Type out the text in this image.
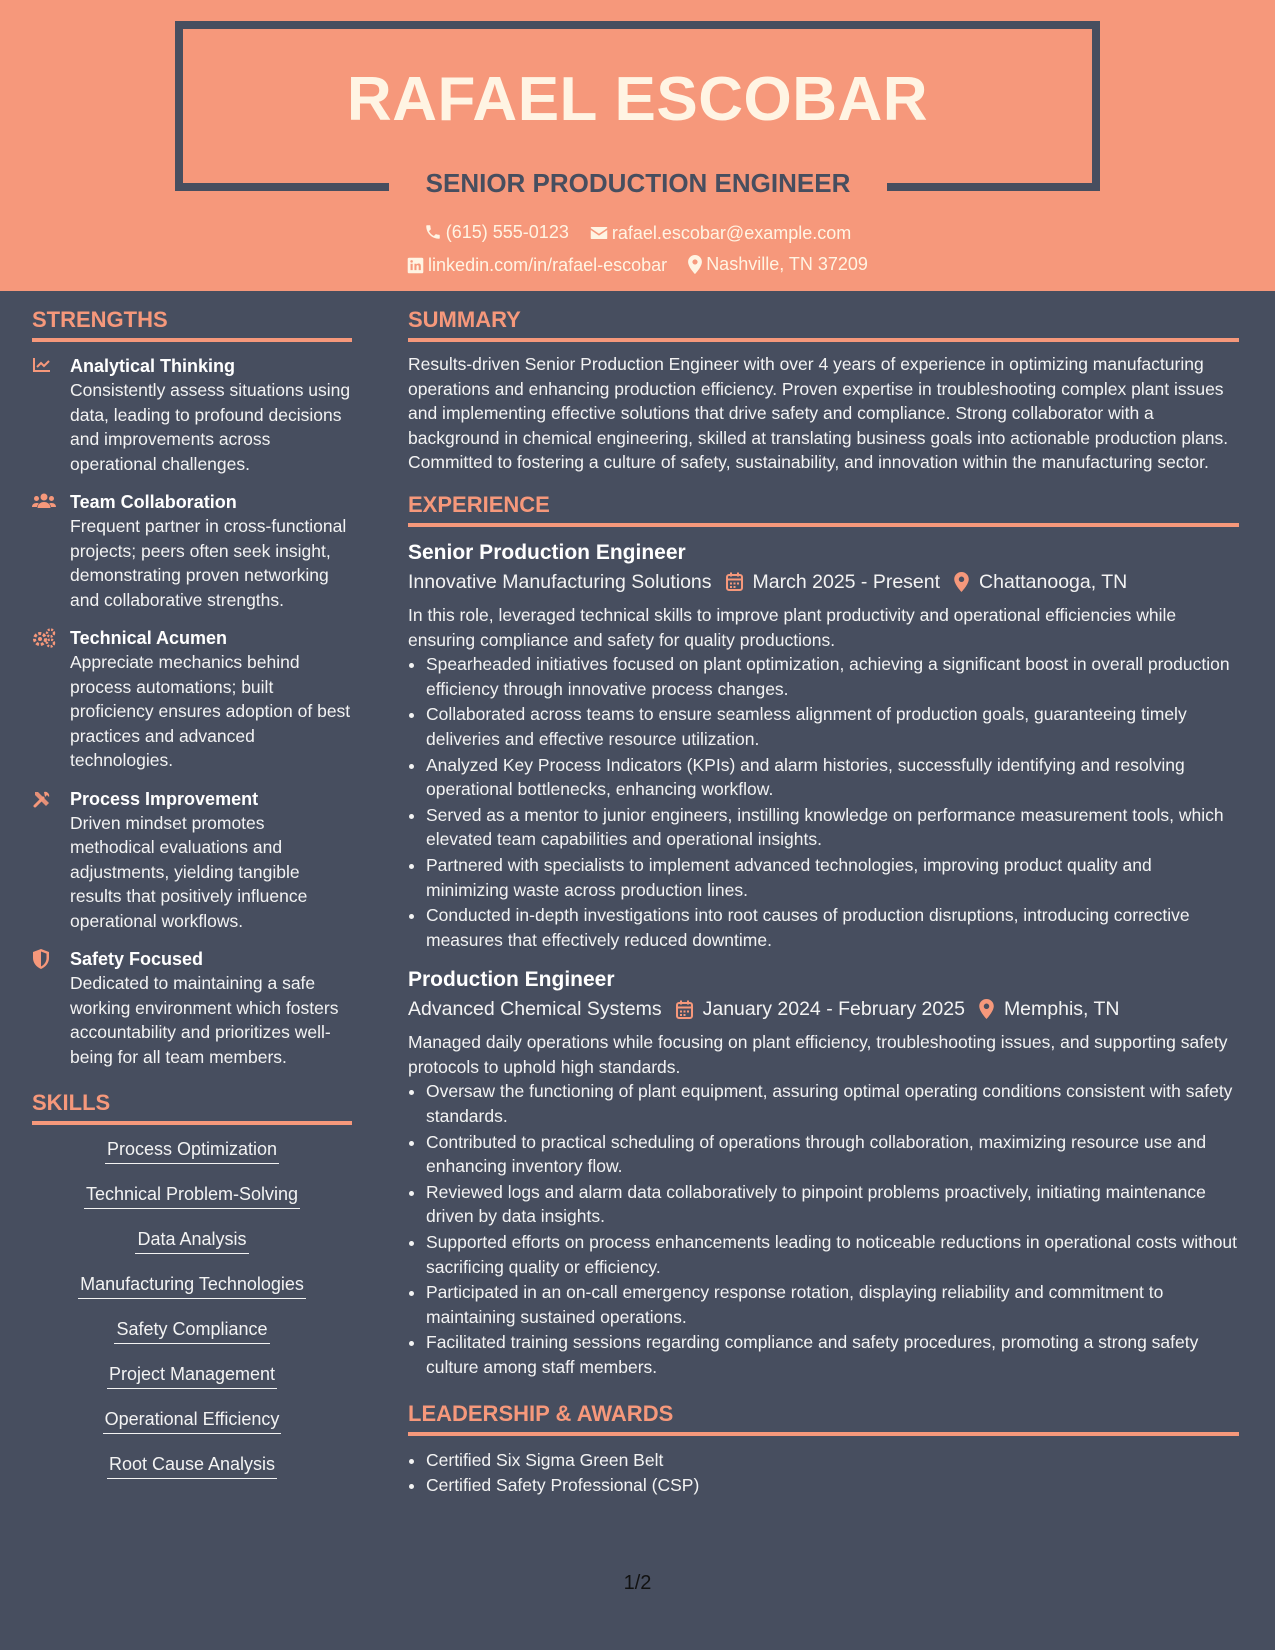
RAFAEL ESCOBAR
SENIOR PRODUCTION ENGINEER
(615) 555-0123
rafael.escobar@example.com
linkedin.com/in/rafael-escobar
Nashville, TN 37209
STRENGTHS
Analytical Thinking
Consistently assess situations using data, leading to profound decisions and improvements across operational challenges.
Team Collaboration
Frequent partner in cross-functional projects; peers often seek insight, demonstrating proven networking and collaborative strengths.
Technical Acumen
Appreciate mechanics behind process automations; built proficiency ensures adoption of best practices and advanced technologies.
Process Improvement
Driven mindset promotes methodical evaluations and adjustments, yielding tangible results that positively influence operational workflows.
Safety Focused
Dedicated to maintaining a safe working environment which fosters accountability and prioritizes well-being for all team members.
SKILLS
Process Optimization
Technical Problem-Solving
Data Analysis
Manufacturing Technologies
Safety Compliance
Project Management
Operational Efficiency
Root Cause Analysis
SUMMARY

Results-driven Senior Production Engineer with over 4 years of experience in optimizing manufacturing operations and enhancing production efficiency. Proven expertise in troubleshooting complex plant issues and implementing effective solutions that drive safety and compliance. Strong collaborator with a background in chemical engineering, skilled at translating business goals into actionable production plans. Committed to fostering a culture of safety, sustainability, and innovation within the manufacturing sector.

EXPERIENCE
Senior Production Engineer
Innovative Manufacturing Solutions March 2025 - Present Chattanooga, TN

In this role, leveraged technical skills to improve plant productivity and operational efficiencies while ensuring compliance and safety for quality productions.

• Spearheaded initiatives focused on plant optimization, achieving a significant boost in overall production efficiency through innovative process changes.
• Collaborated across teams to ensure seamless alignment of production goals, guaranteeing timely deliveries and effective resource utilization.
• Analyzed Key Process Indicators (KPIs) and alarm histories, successfully identifying and resolving operational bottlenecks, enhancing workflow.
• Served as a mentor to junior engineers, instilling knowledge on performance measurement tools, which elevated team capabilities and operational insights.
• Partnered with specialists to implement advanced technologies, improving product quality and minimizing waste across production lines.
• Conducted in-depth investigations into root causes of production disruptions, introducing corrective measures that effectively reduced downtime.
Production Engineer
Advanced Chemical Systems January 2024 - February 2025 Memphis, TN

Managed daily operations while focusing on plant efficiency, troubleshooting issues, and supporting safety protocols to uphold high standards.

• Oversaw the functioning of plant equipment, assuring optimal operating conditions consistent with safety standards.
• Contributed to practical scheduling of operations through collaboration, maximizing resource use and enhancing inventory flow.
• Reviewed logs and alarm data collaboratively to pinpoint problems proactively, initiating maintenance driven by data insights.
• Supported efforts on process enhancements leading to noticeable reductions in operational costs without sacrificing quality or efficiency.
• Participated in an on-call emergency response rotation, displaying reliability and commitment to maintaining sustained operations.
• Facilitated training sessions regarding compliance and safety procedures, promoting a strong safety culture among staff members.
LEADERSHIP & AWARDS
• Certified Six Sigma Green Belt
• Certified Safety Professional (CSP)
1/2
